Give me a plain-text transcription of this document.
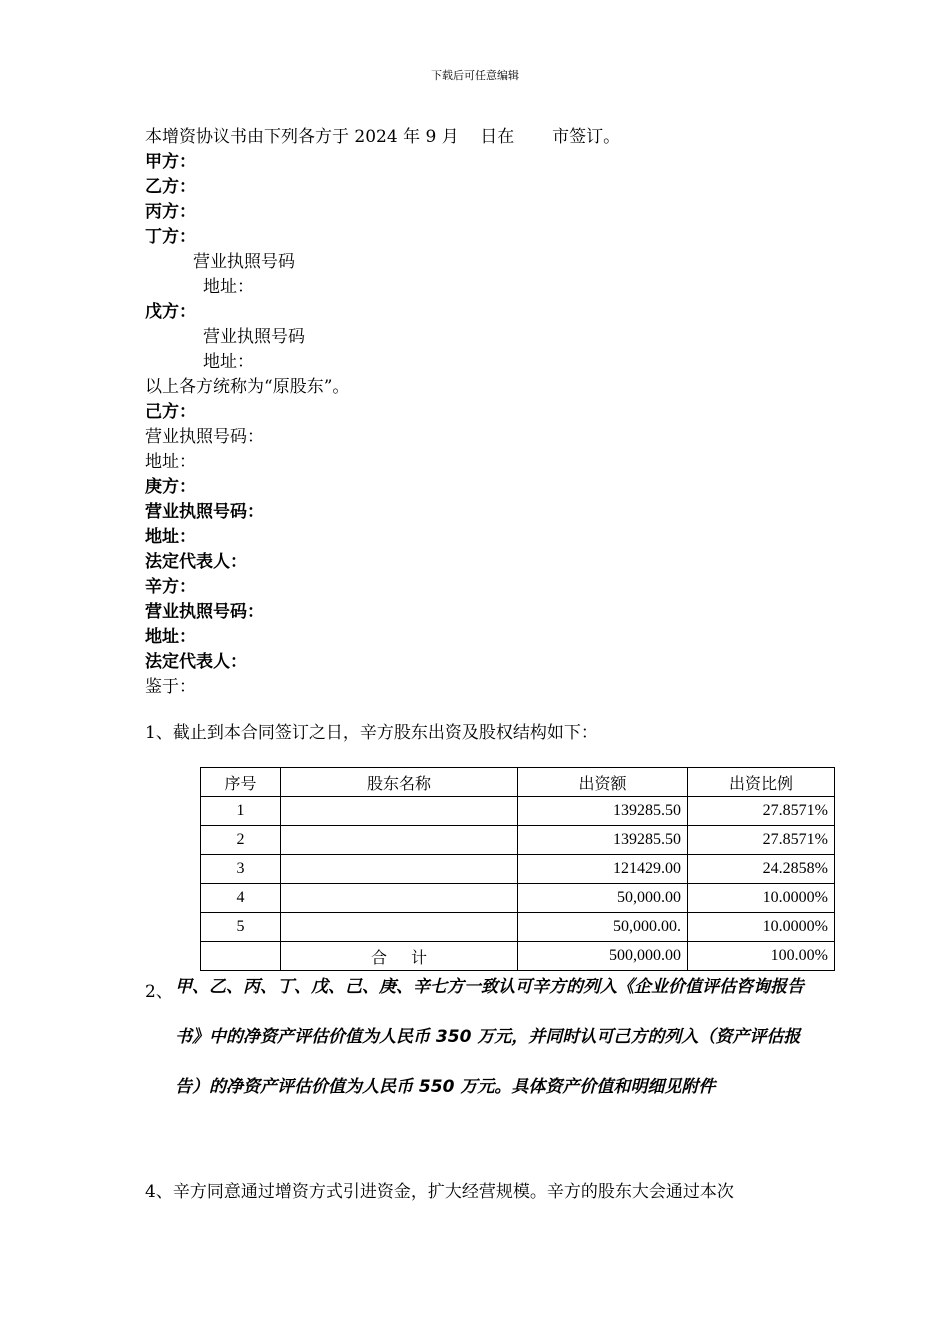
下载后可任意编辑
本增资协议书由下列各方于 2024 年 9 月    日在       市签订。
甲方：
乙方：
丙方：
丁方：
营业执照号码
地址：
戊方：
营业执照号码
地址：
以上各方统称为“原股东”。
己方：
营业执照号码：
地址：
庚方：
营业执照号码：
地址：
法定代表人：
辛方：
营业执照号码：
地址：
法定代表人：
鉴于：
1、截止到本合同签订之日，辛方股东出资及股权结构如下：
序号	股东名称	出资额	出资比例
1		139285.50	27.8571%
2		139285.50	27.8571%
3		121429.00	24.2858%
4		50,000.00	10.0000%
5		50,000.00.	10.0000%
	合      计	500,000.00	100.00%
2、 甲、乙、丙、丁、戊、己、庚、辛七方一致认可辛方的列入《企业价值评估咨询报告书》中的净资产评估价值为人民币 350 万元，并同时认可己方的列入（资产评估报告）的净资产评估价值为人民币 550 万元。具体资产价值和明细见附件
4、辛方同意通过增资方式引进资金，扩大经营规模。辛方的股东大会通过本次
